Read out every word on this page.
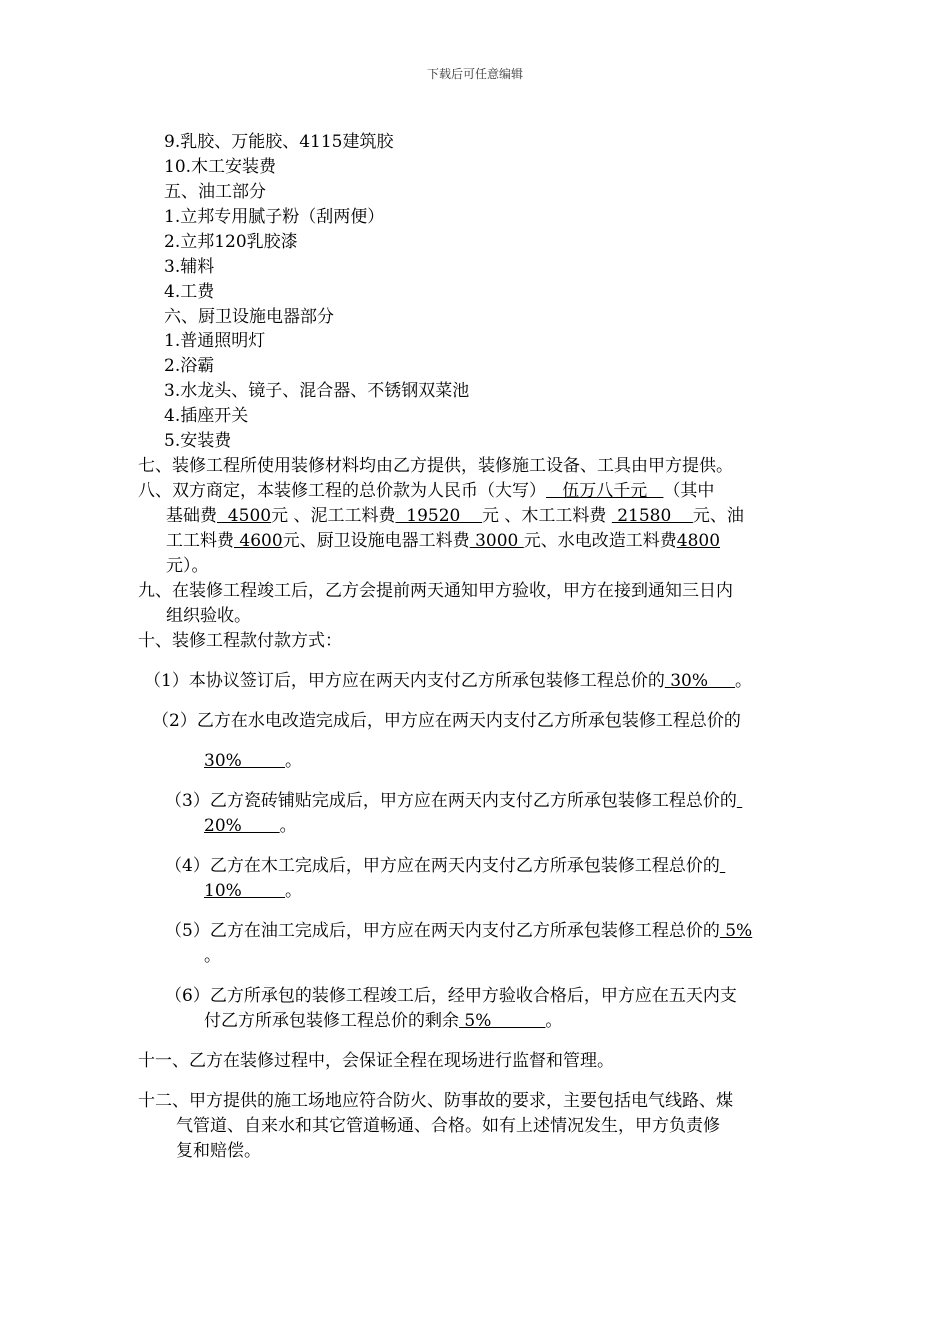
下载后可任意编辑
9.乳胶、万能胶、4115建筑胶
10.木工安装费
五、油工部分
1.立邦专用腻子粉（刮两便）
2.立邦120乳胶漆
3.辅料
4.工费
六、厨卫设施电器部分
1.普通照明灯
2.浴霸
3.水龙头、镜子、混合器、不锈钢双菜池
4.插座开关
5.安装费
七、装修工程所使用装修材料均由乙方提供，装修施工设备、工具由甲方提供。
八、双方商定，本装修工程的总价款为人民币（大写）   伍万八千元   （其中
基础费  4500元 、泥工工料费  19520    元 、木工工料费  21580    元、油
工工料费 4600元、厨卫设施电器工料费 3000 元、水电改造工料费4800
元）。
九、在装修工程竣工后，乙方会提前两天通知甲方验收，甲方在接到通知三日内
组织验收。
十、装修工程款付款方式：
（1）本协议签订后，甲方应在两天内支付乙方所承包装修工程总价的 30%     。
（2）乙方在水电改造完成后，甲方应在两天内支付乙方所承包装修工程总价的
30%        。
（3）乙方瓷砖铺贴完成后，甲方应在两天内支付乙方所承包装修工程总价的
20%       。
（4）乙方在木工完成后，甲方应在两天内支付乙方所承包装修工程总价的
10%        。
（5）乙方在油工完成后，甲方应在两天内支付乙方所承包装修工程总价的 5%
。
（6）乙方所承包的装修工程竣工后，经甲方验收合格后，甲方应在五天内支
付乙方所承包装修工程总价的剩余 5%          。
十一、乙方在装修过程中，会保证全程在现场进行监督和管理。
十二、甲方提供的施工场地应符合防火、防事故的要求，主要包括电气线路、煤
气管道、自来水和其它管道畅通、合格。如有上述情况发生，甲方负责修
复和赔偿。
